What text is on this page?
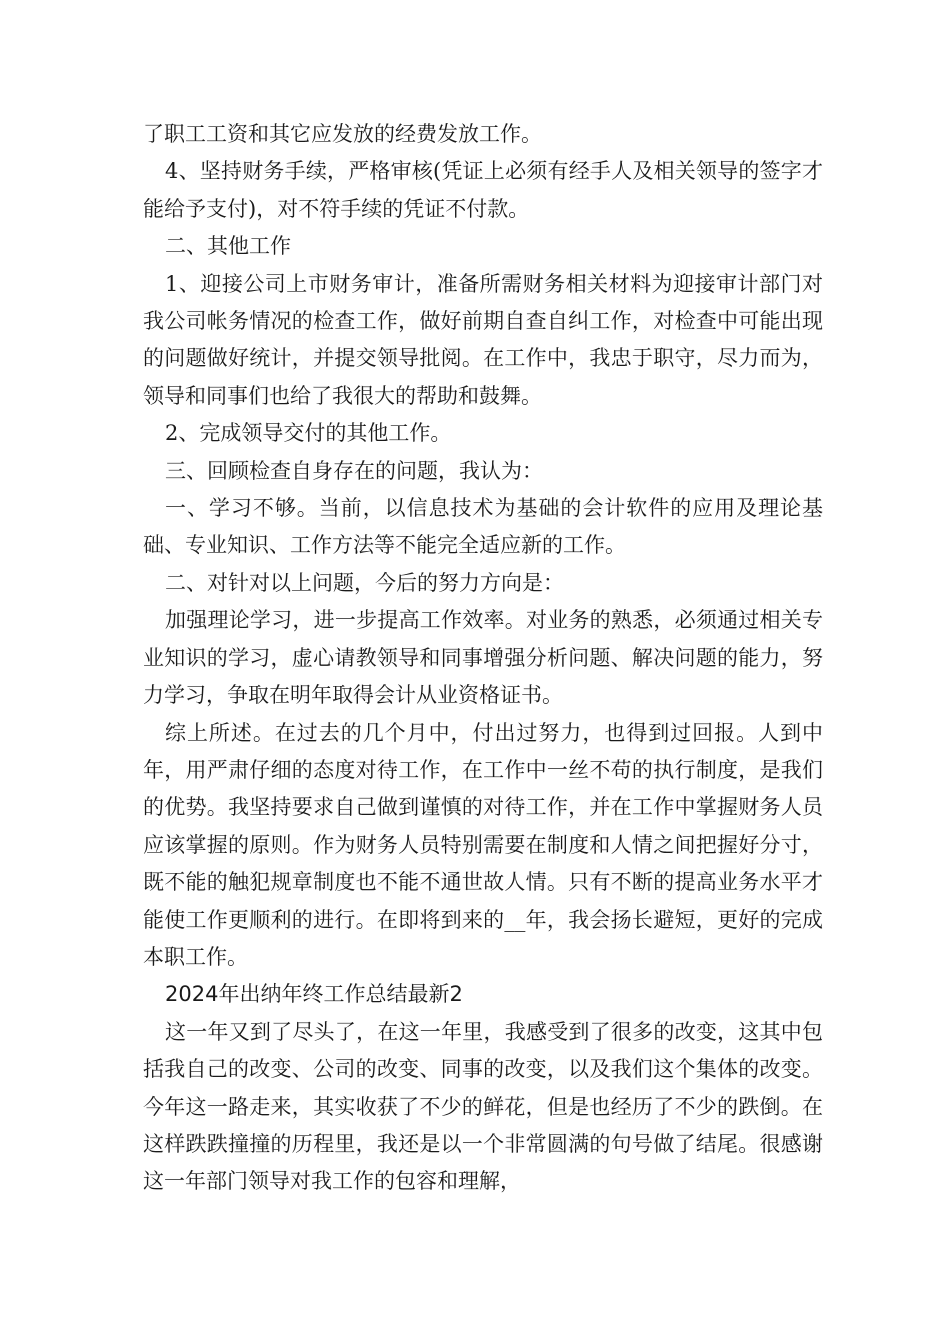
了职工工资和其它应发放的经费发放工作。

4、坚持财务手续，严格审核(凭证上必须有经手人及相关领导的签字才能给予支付)，对不符手续的凭证不付款。

二、其他工作

1、迎接公司上市财务审计，准备所需财务相关材料为迎接审计部门对我公司帐务情况的检查工作，做好前期自查自纠工作，对检查中可能出现的问题做好统计，并提交领导批阅。在工作中，我忠于职守，尽力而为，领导和同事们也给了我很大的帮助和鼓舞。

2、完成领导交付的其他工作。

三、回顾检查自身存在的问题，我认为：

一、学习不够。当前，以信息技术为基础的会计软件的应用及理论基础、专业知识、工作方法等不能完全适应新的工作。

二、对针对以上问题，今后的努力方向是：

加强理论学习，进一步提高工作效率。对业务的熟悉，必须通过相关专业知识的学习，虚心请教领导和同事增强分析问题、解决问题的能力，努力学习，争取在明年取得会计从业资格证书。

综上所述。在过去的几个月中，付出过努力，也得到过回报。人到中年，用严肃仔细的态度对待工作，在工作中一丝不苟的执行制度，是我们的优势。我坚持要求自己做到谨慎的对待工作，并在工作中掌握财务人员应该掌握的原则。作为财务人员特别需要在制度和人情之间把握好分寸，既不能的触犯规章制度也不能不通世故人情。只有不断的提高业务水平才能使工作更顺利的进行。在即将到来的__年，我会扬长避短，更好的完成本职工作。

2024年出纳年终工作总结最新2

这一年又到了尽头了，在这一年里，我感受到了很多的改变，这其中包括我自己的改变、公司的改变、同事的改变，以及我们这个集体的改变。今年这一路走来，其实收获了不少的鲜花，但是也经历了不少的跌倒。在这样跌跌撞撞的历程里，我还是以一个非常圆满的句号做了结尾。很感谢这一年部门领导对我工作的包容和理解，
